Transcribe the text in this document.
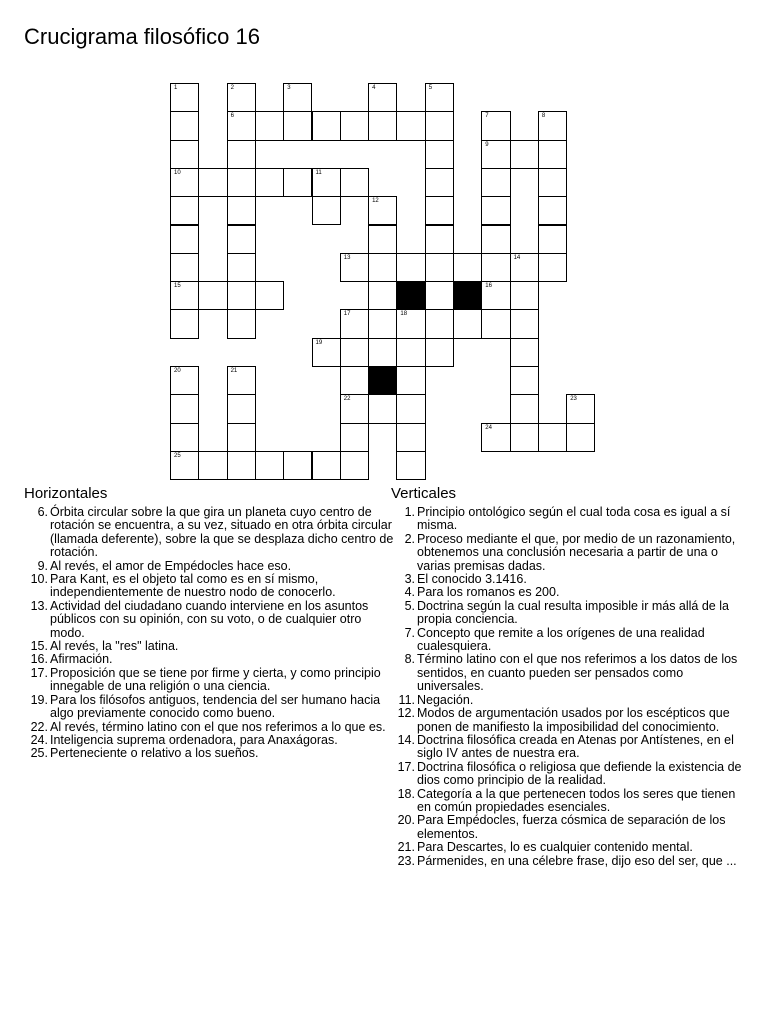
Crucigrama filosófico 16
1	2	3	4	5
6	7	8
9
10	11
12
13	14
15	16
17	18
19
20	21
22	23
24
25
Horizontales
6. Órbita circular sobre la que gira un planeta cuyo centro de rotación se encuentra, a su vez, situado en otra órbita circular (llamada deferente), sobre la que se desplaza dicho centro de rotación.
9. Al revés, el amor de Empédocles hace eso.
10. Para Kant, es el objeto tal como es en sí mismo, independientemente de nuestro nodo de conocerlo.
13. Actividad del ciudadano cuando interviene en los asuntos públicos con su opinión, con su voto, o de cualquier otro modo.
15. Al revés, la "res" latina.
16. Afirmación.
17. Proposición que se tiene por firme y cierta, y como principio innegable de una religión o una ciencia.
19. Para los filósofos antiguos, tendencia del ser humano hacia algo previamente conocido como bueno.
22. Al revés, término latino con el que nos referimos a lo que es.
24. Inteligencia suprema ordenadora, para Anaxágoras.
25. Perteneciente o relativo a los sueños.
Verticales
1. Principio ontológico según el cual toda cosa es igual a sí misma.
2. Proceso mediante el que, por medio de un razonamiento, obtenemos una conclusión necesaria a partir de una o varias premisas dadas.
3. El conocido 3.1416.
4. Para los romanos es 200.
5. Doctrina según la cual resulta imposible ir más allá de la propia conciencia.
7. Concepto que remite a los orígenes de una realidad cualesquiera.
8. Término latino con el que nos referimos a los datos de los sentidos, en cuanto pueden ser pensados como universales.
11. Negación.
12. Modos de argumentación usados por los escépticos que ponen de manifiesto la imposibilidad del conocimiento.
14. Doctrina filosófica creada en Atenas por Antístenes, en el siglo IV antes de nuestra era.
17. Doctrina filosófica o religiosa que defiende la existencia de dios como principio de la realidad.
18. Categoría a la que pertenecen todos los seres que tienen en común propiedades esenciales.
20. Para Empédocles, fuerza cósmica de separación de los elementos.
21. Para Descartes, lo es cualquier contenido mental.
23. Pármenides, en una célebre frase, dijo eso del ser, que ...
